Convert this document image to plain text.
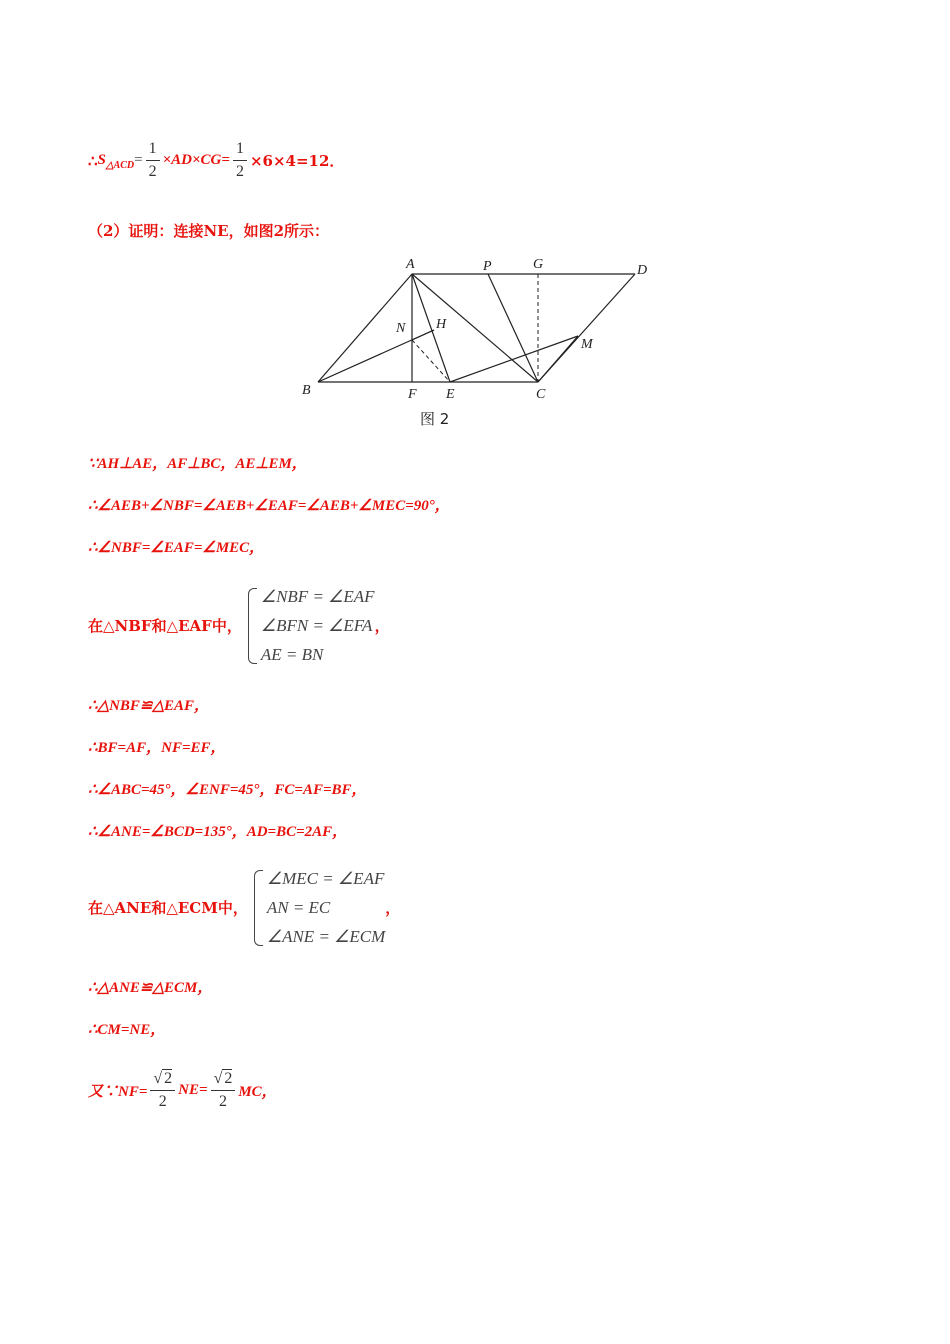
∴ S △ACD = $\frac{1}{2} \times AD\times CG= \frac{1}{2} \times 6\times 4=12$．
（2）证明：连接NE，如图2所示：
A	P	G	D
N H
M
B	F E	C
图 2
∵AH⊥AE，AF⊥BC，AE⊥EM，
∴∠AEB+∠NBF=∠AEB+∠EAF=∠AEB+∠MEC=90°，
∴∠NBF=∠EAF=∠MEC，
在△NBF和△EAF中，
∠NBF = ∠EAF
∠BFN = ∠EFA
AE = BN
，
∴△NBF≌△EAF，
∴BF=AF，NF=EF，
∴∠ABC=45°，∠ENF=45°，FC=AF=BF，
∴∠ANE=∠BCD=135°，AD=BC=2AF，
在△ANE和△ECM中，
∠MEC = ∠EAF
AN = EC
∠ANE = ∠ECM
，
∴△ANE≌△ECM，
∴CM=NE，
又∵NF= $\frac{√ 2}{2} NE= \frac{√ 2}{2}$ MC，
